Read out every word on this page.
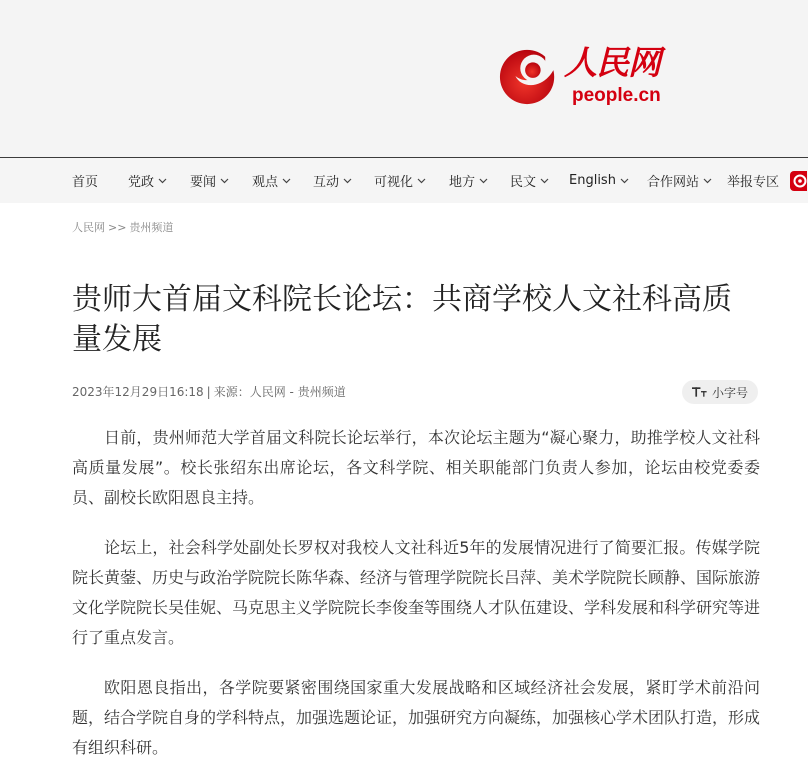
人民网
people.cn
首页 党政	要闻	观点	互动	可视化	地方	民文	English 合作网站 举报专区
人民网 >> 贵州频道
贵师大首届文科院长论坛：共商学校人文社科高质量发展
2023年12月29日16:18 | 来源：人民网 - 贵州频道	小字号

日前，贵州师范大学首届文科院长论坛举行，本次论坛主题为“凝心聚力，助推学校人文社科高质量发展”。校长张绍东出席论坛，各文科学院、相关职能部门负责人参加，论坛由校党委委员、副校长欧阳恩良主持。

论坛上，社会科学处副处长罗权对我校人文社科近5年的发展情况进行了简要汇报。传媒学院院长黄蓥、历史与政治学院院长陈华森、经济与管理学院院长吕萍、美术学院院长顾静、国际旅游文化学院院长吴佳妮、马克思主义学院院长李俊奎等围绕人才队伍建设、学科发展和科学研究等进行了重点发言。

欧阳恩良指出，各学院要紧密围绕国家重大发展战略和区域经济社会发展，紧盯学术前沿问题，结合学院自身的学科特点，加强选题论证，加强研究方向凝练，加强核心学术团队打造，形成有组织科研。
